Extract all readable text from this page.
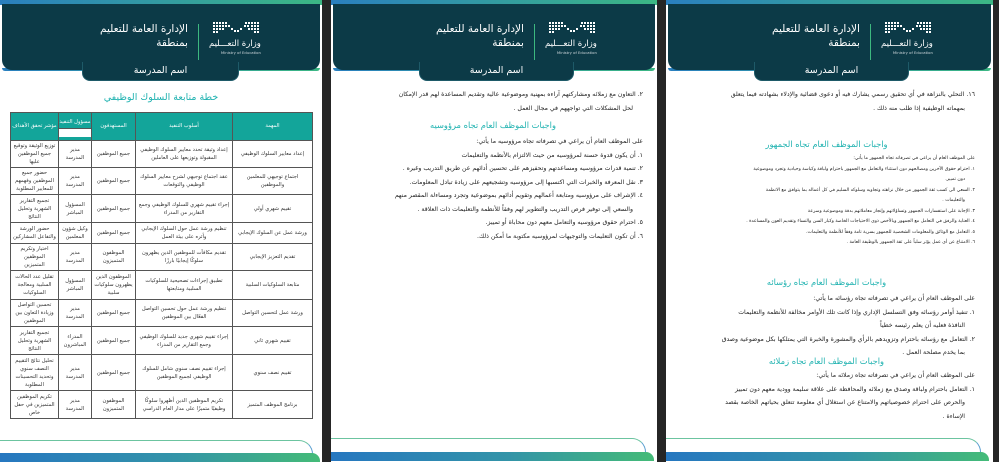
وزارة التعـــليم
Ministry of Education
الإدارة العامة للتعليم
بمنطقة
اسم المدرسة
خطة متابعة السلوك الوظيفي
المهمة	أسلوب التنفيذ	المستهدفون	مسؤول التنفيذ	مؤشر تحقق الأهداف
إعداد معايير السلوك الوظيفي	إعداد وثيقة تحدد معايير السلوك الوظيفي المقبولة وتوزيعها على العاملين	جميع الموظفين	مدير المدرسة	توزيع الوثيقة وتوقيع جميع الموظفين عليها
اجتماع توجيهي للمعلمين والموظفين	عقد اجتماع توجيهي لشرح معايير السلوك الوظيفي والتوقعات	جميع الموظفين	مدير المدرسة	حضور جميع الموظفين وفهمهم للمعايير المطلوبة
تقييم شهري أولي	إجراء تقييم شهري للسلوك الوظيفي وجمع التقارير من المدراء	جميع الموظفين	المسؤول المباشر	تجميع التقارير الشهرية وتحليل النتائج
ورشة عمل عن السلوك الإيجابي	تنظيم ورشة عمل حول السلوك الإيجابي وأثره على بيئة العمل	جميع الموظفين	وكيل شؤون المعلمين	حضور الورشة والتفاعل المشاركين
تقديم التعزيز الإيجابي	تقديم مكافآت للموظفين الذين يظهرون سلوكًا إيجابيًا بارزًا	الموظفون المتميزون	مدير المدرسة	اختيار وتكريم الموظفين المتميزين
متابعة السلوكيات السلبية	تطبيق إجراءات تصحيحية للسلوكيات السلبية ومتابعتها	الموظفون الذين يظهرون سلوكيات سلبية	المسؤول المباشر	تقليل عدد الحالات السلبية ومعالجة السلوكيات
ورشة عمل لتحسين التواصل	تنظيم ورشة عمل حول تحسين التواصل الفعّال بين الموظفين	جميع الموظفين	مدير المدرسة	تحسين التواصل وزيادة التعاون بين الموظفين
تقييم شهري ثاني	إجراء تقييم شهري جديد للسلوك الوظيفي وجمع التقارير من المدراء	جميع الموظفين	المدراء المباشرون	تجميع التقارير الشهرية وتحليل النتائج
تقييم نصف سنوي	إجراء تقييم نصف سنوي شامل للسلوك الوظيفي لجميع الموظفين	جميع الموظفين	مدير المدرسة	تحليل نتائج التقييم النصف سنوي وتحديد التحسينات المطلوبة
برنامج الموظف المتميز	تكريم الموظفين الذين أظهروا سلوكًا وظيفيًا متميزًا على مدار العام الدراسي	الموظفون المتميزون	مدير المدرسة	تكريم الموظفين المتميزين في حفل خاص
وزارة التعـــليم
Ministry of Education
الإدارة العامة للتعليم
بمنطقة
اسم المدرسة
٢. التعاون مع زملائه ومشاركتهم آراءه بمهنية وموضوعية عالية وتقديم المساعدة لهم قدر الإمكان
لحل المشكلات التي تواجههم في مجال العمل .
واجبات الموظف العام تجاه مرؤوسيه
على الموظف العام أن يراعي في تصرفاته تجاه مرؤوسيه ما يأتي:
١. أن يكون قدوة حسنة لمرؤوسيه من حيث الالتزام بالأنظمة والتعليمات
٢. تنمية قدرات مرؤوسيه ومساعدتهم وتحفيزهم على تحسين أدائهم عن طريق التدريب وغيره .
٣. نقل المعرفة والخبرات التي اكتسبها إلى مرؤوسيه وتشجيعهم على زيادة تبادل المعلومات.
٤. الإشراف على مرؤوسيه ومتابعة أعمالهم وتقويم أدائهم بموضوعية وتجرد ومساءلة المقصر منهم
والسعي إلى توفير فرص التدريب والتطوير لهم وفقاً للأنظمة والتعليمات ذات العلاقة .
٥. احترام حقوق مرؤوسيه والتعامل معهم دون محاباة أو تمييز.
٦. أن تكون التعليمات والتوجيهات لمرؤوسيه مكتوبة ما أمكن ذلك.
وزارة التعـــليم
Ministry of Education
الإدارة العامة للتعليم
بمنطقة
اسم المدرسة
١٦. التحلي بالنزاهة في أي تحقيق رسمي يشارك فيه أو دعوى قضائية والإدلاء بشهادته فيما يتعلق
بمهماته الوظيفية إذا طلب منه ذلك .
واجبات الموظف العام تجاه الجمهور
على الموظف العام أن يراعي في تصرفاته تجاه الجمهور ما يأتي:
١. احترام حقوق الآخرين ومصالحهم دون استثناء والتعامل مع الجمهور باحترام ولباقة وكياسة وحيادية وتجرد وموضوعية
دون تمييز.
٢. السعي الى كسب ثقة الجمهور من خلال نزاهته وتجاوبه وسلوكه السليم في كل أعماله بما يتوافق مع الانظمة
والتعليمات .
٣. الإجابة على استفسارات الجمهور وتساؤلاتهم وإنجاز معاملاتهم بدقة وموضوعية وسرعة
٤. العناية والرفق في التعامل مع الجمهور وبالأخص ذوي الاحتياجات الخاصة وكبار السن والنساء وتقديم العون والمساعدة .
٥. التعامل مع الوثائق والمعلومات الشخصية للجمهور بسرية تامة وفقاً للأنظمة والتعليمات.
٦. الامتناع عن أي عمل يؤثر سلباً على ثقة الجمهور بالوظيفة العامة .
واجبات الموظف العام تجاه رؤسائه
على الموظف العام أن يراعي في تصرفاته تجاه رؤسائه ما يأتي:
١. تنفيذ أوامر رؤسائه وفق التسلسل الإداري وإذا كانت تلك الأوامر مخالفة للأنظمة والتعليمات
النافذة فعليه أن يعلم رئيسه خطياً
٢. التعامل مع رؤسائه باحترام وتزويدهم بالرأي والمشورة والخبرة التي يمتلكها بكل موضوعية وصدق
بما يخدم مصلحة العمل .
واجبات الموظف العام تجاه زملائه
على الموظف العام أن يراعي في تصرفاته تجاه زملائه ما يأتي:
١. التعامل باحترام ولباقة وصدق مع زملائه والمحافظة على علاقة سليمة وودية معهم دون تمييز
والحرص على احترام خصوصياتهم والامتناع عن استغلال أي معلومة تتعلق بحياتهم الخاصة بقصد
الإساءة .
